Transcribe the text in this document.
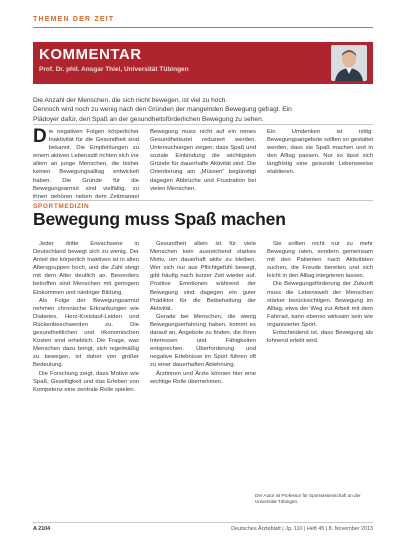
THEMEN DER ZEIT
KOMMENTAR
Prof. Dr. phil. Ansgar Thiel, Universität Tübingen

Die Anzahl der Menschen, die sich nicht bewegen, ist viel zu hoch.

Dennoch wird noch zu wenig nach den Gründen der mangelnden Bewegung gefragt. Ein

Plädoyer dafür, den Spaß an der gesundheitsförderlichen Bewegung zu sehen.

Die negativen Folgen körperlicher Inaktivität für die Gesundheit sind bekannt. Die Empfehlungen zu einem aktiven Lebensstil richten sich vor allem an junge Menschen, die bisher keinen Bewegungsalltag entwickelt haben. Die Gründe für die Bewegungsarmut sind vielfältig, zu ihnen gehören neben dem Zeitmangel
Bewegung muss nicht auf ein reines Gesundheitsziel reduziert werden. Untersuchungen zeigen, dass Spaß und soziale Einbindung die wichtigsten Gründe für dauerhafte Aktivität sind. Die Orientierung am „Müssen“ begünstigt dagegen Abbrüche und Frustration bei vielen Menschen.
Ein Umdenken ist nötig: Bewegungsangebote sollten so gestaltet werden, dass sie Spaß machen und in den Alltag passen. Nur so lässt sich langfristig eine gesunde Lebensweise etablieren.
SPORTMEDIZIN
Bewegung muss Spaß machen

Jeder dritte Erwachsene in Deutschland bewegt sich zu wenig. Der Anteil der körperlich Inaktiven ist in allen Altersgruppen hoch, und die Zahl steigt mit dem Alter deutlich an. Besonders betroffen sind Menschen mit geringem Einkommen und niedriger Bildung.

Als Folge der Bewegungsarmut nehmen chronische Erkrankungen wie Diabetes, Herz-Kreislauf-Leiden und Rückenbeschwerden zu. Die gesundheitlichen und ökonomischen Kosten sind erheblich. Die Frage, was Menschen dazu bringt, sich regelmäßig zu bewegen, ist daher von großer Bedeutung.

Die Forschung zeigt, dass Motive wie Spaß, Geselligkeit und das Erleben von Kompetenz eine zentrale Rolle spielen.

Gesundheit allein ist für viele Menschen kein ausreichend starkes Motiv, um dauerhaft aktiv zu bleiben. Wer sich nur aus Pflichtgefühl bewegt, gibt häufig nach kurzer Zeit wieder auf. Positive Emotionen während der Bewegung sind dagegen ein guter Prädiktor für die Beibehaltung der Aktivität.

Gerade bei Menschen, die wenig Bewegungserfahrung haben, kommt es darauf an, Angebote zu finden, die ihren Interessen und Fähigkeiten entsprechen. Überforderung und negative Erlebnisse im Sport führen oft zu einer dauerhaften Ablehnung.

Ärztinnen und Ärzte können hier eine wichtige Rolle übernehmen.

Sie sollten nicht nur zu mehr Bewegung raten, sondern gemeinsam mit den Patienten nach Aktivitäten suchen, die Freude bereiten und sich leicht in den Alltag integrieren lassen.

Die Bewegungsförderung der Zukunft muss die Lebenswelt der Menschen stärker berücksichtigen. Bewegung im Alltag, etwa der Weg zur Arbeit mit dem Fahrrad, kann ebenso wirksam sein wie organisierter Sport.

Entscheidend ist, dass Bewegung als lohnend erlebt wird.

Der Autor ist Professor für Sportwissenschaft an der Universität Tübingen.
A 2104	Deutsches Ärzteblatt | Jg. 110 | Heft 45 | 8. November 2013
